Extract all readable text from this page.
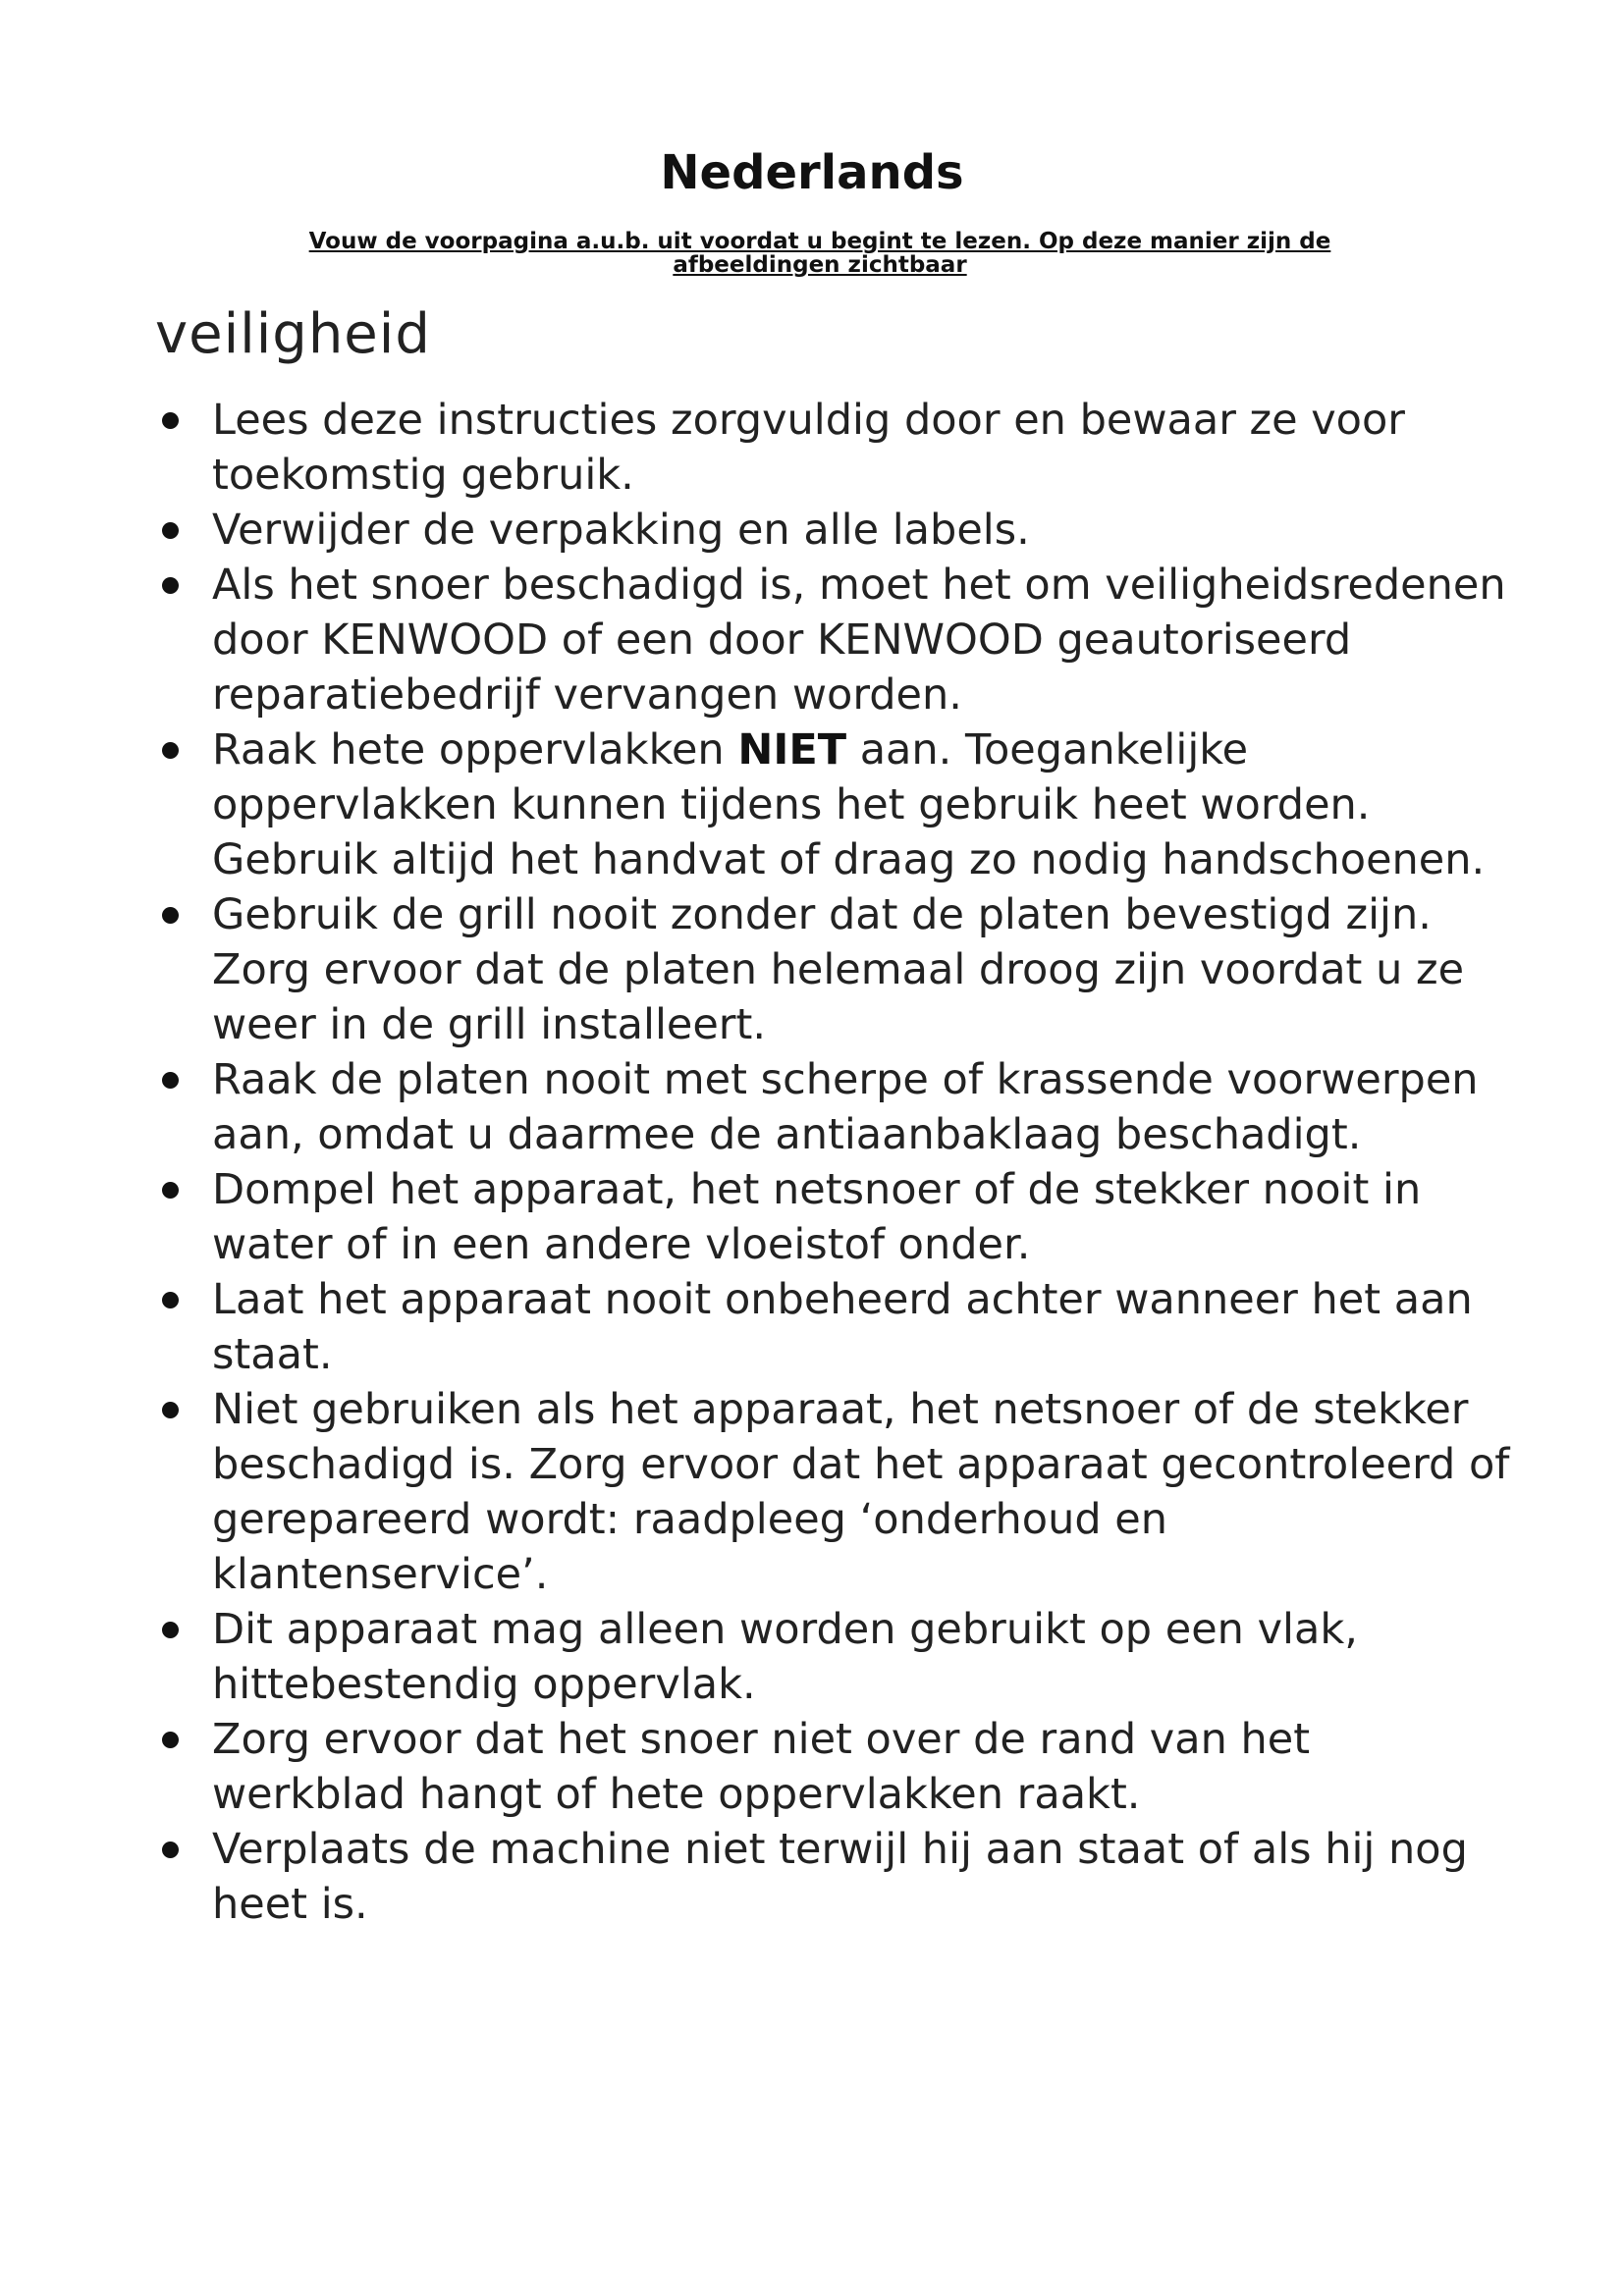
Nederlands

Vouw de voorpagina a.u.b. uit voordat u begint te lezen. Op deze manier zijn de afbeeldingen zichtbaar

veiligheid
Lees deze instructies zorgvuldig door en bewaar ze voor toekomstig gebruik.
Verwijder de verpakking en alle labels.
Als het snoer beschadigd is, moet het om veiligheidsredenen door KENWOOD of een door KENWOOD geautoriseerd reparatiebedrijf vervangen worden.
Raak hete oppervlakken NIET aan. Toegankelijke oppervlakken kunnen tijdens het gebruik heet worden. Gebruik altijd het handvat of draag zo nodig handschoenen.
Gebruik de grill nooit zonder dat de platen bevestigd zijn. Zorg ervoor dat de platen helemaal droog zijn voordat u ze weer in de grill installeert.
Raak de platen nooit met scherpe of krassende voorwerpen aan, omdat u daarmee de antiaanbaklaag beschadigt.
Dompel het apparaat, het netsnoer of de stekker nooit in water of in een andere vloeistof onder.
Laat het apparaat nooit onbeheerd achter wanneer het aan staat.
Niet gebruiken als het apparaat, het netsnoer of de stekker beschadigd is. Zorg ervoor dat het apparaat gecontroleerd of gerepareerd wordt: raadpleeg ‘onderhoud en klantenservice’.
Dit apparaat mag alleen worden gebruikt op een vlak, hittebestendig oppervlak.
Zorg ervoor dat het snoer niet over de rand van het werkblad hangt of hete oppervlakken raakt.
Verplaats de machine niet terwijl hij aan staat of als hij nog heet is.
